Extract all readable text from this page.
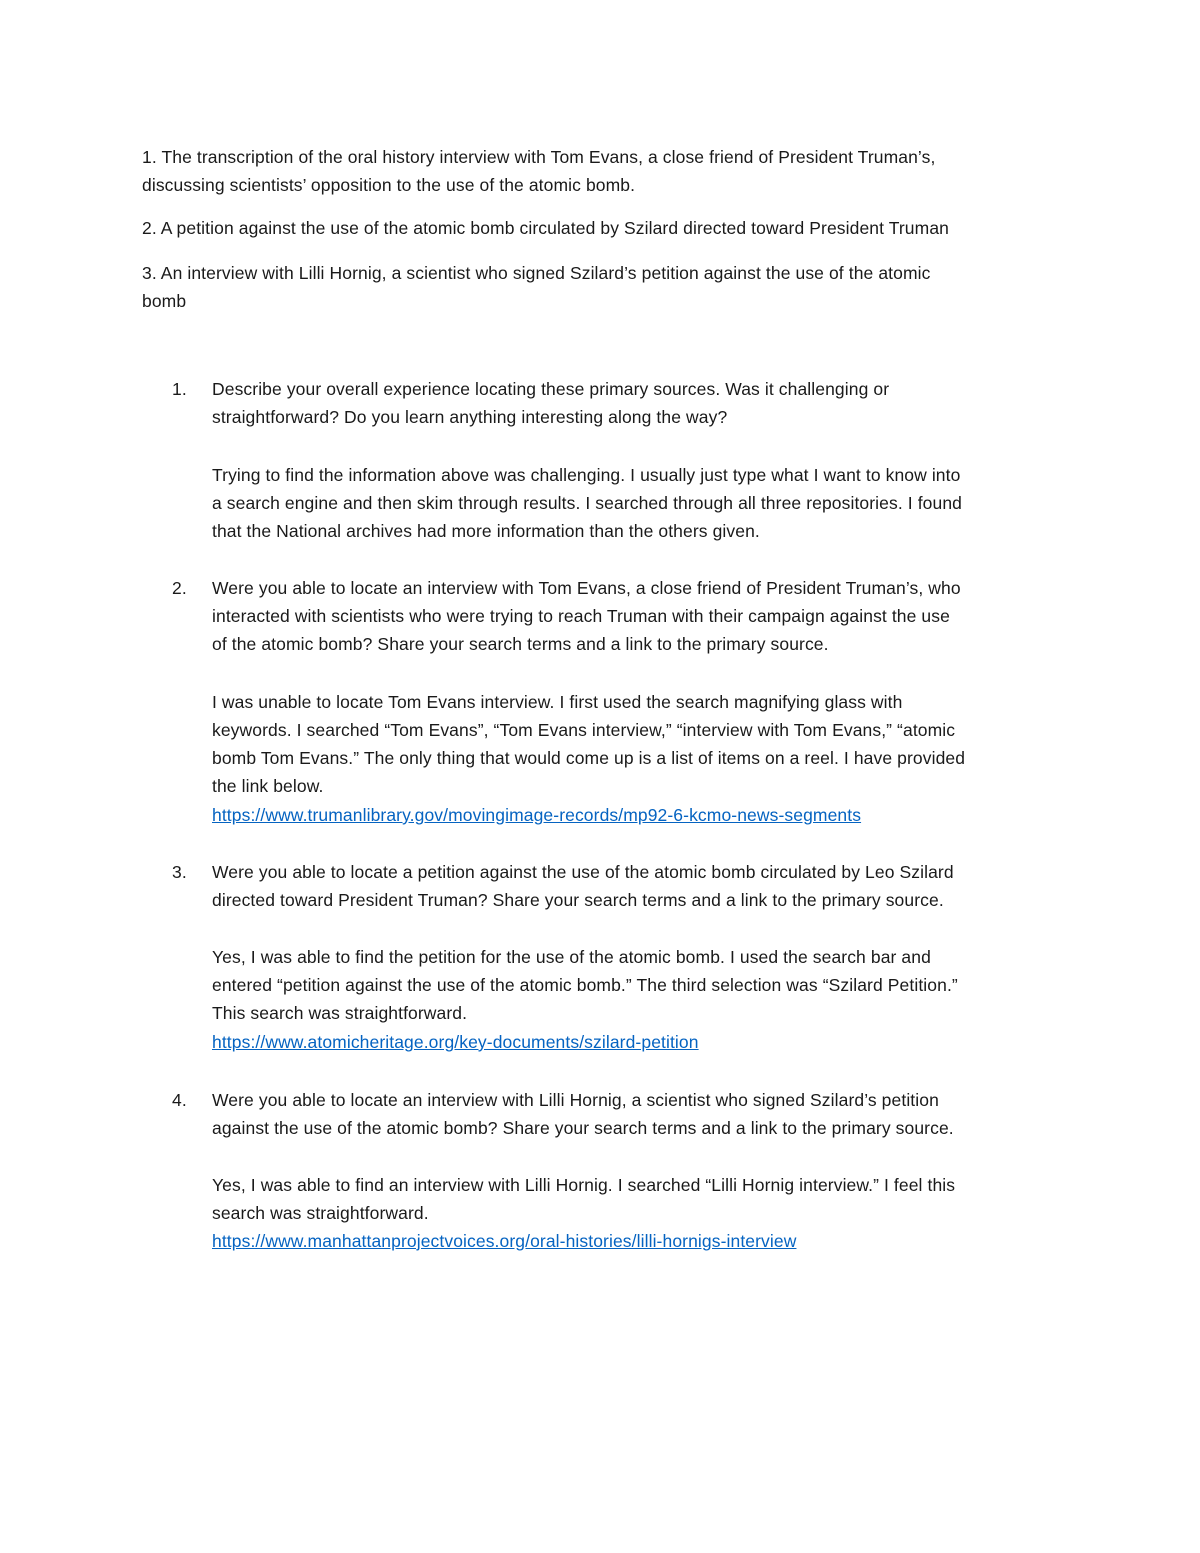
1. The transcription of the oral history interview with Tom Evans, a close friend of President Truman’s,
discussing scientists’ opposition to the use of the atomic bomb.
2. A petition against the use of the atomic bomb circulated by Szilard directed toward President Truman
3. An interview with Lilli Hornig, a scientist who signed Szilard’s petition against the use of the atomic
bomb
1. Describe your overall experience locating these primary sources. Was it challenging or
straightforward? Do you learn anything interesting along the way?
Trying to find the information above was challenging. I usually just type what I want to know into
a search engine and then skim through results. I searched through all three repositories. I found
that the National archives had more information than the others given.
2. Were you able to locate an interview with Tom Evans, a close friend of President Truman’s, who
interacted with scientists who were trying to reach Truman with their campaign against the use
of the atomic bomb? Share your search terms and a link to the primary source.
I was unable to locate Tom Evans interview. I first used the search magnifying glass with
keywords. I searched “Tom Evans”, “Tom Evans interview,” “interview with Tom Evans,” “atomic
bomb Tom Evans.” The only thing that would come up is a list of items on a reel. I have provided
the link below.
https://www.trumanlibrary.gov/movingimage-records/mp92-6-kcmo-news-segments
3. Were you able to locate a petition against the use of the atomic bomb circulated by Leo Szilard
directed toward President Truman? Share your search terms and a link to the primary source.
Yes, I was able to find the petition for the use of the atomic bomb. I used the search bar and
entered “petition against the use of the atomic bomb.” The third selection was “Szilard Petition.”
This search was straightforward.
https://www.atomicheritage.org/key-documents/szilard-petition
4. Were you able to locate an interview with Lilli Hornig, a scientist who signed Szilard’s petition
against the use of the atomic bomb? Share your search terms and a link to the primary source.
Yes, I was able to find an interview with Lilli Hornig. I searched “Lilli Hornig interview.” I feel this
search was straightforward.
https://www.manhattanprojectvoices.org/oral-histories/lilli-hornigs-interview
